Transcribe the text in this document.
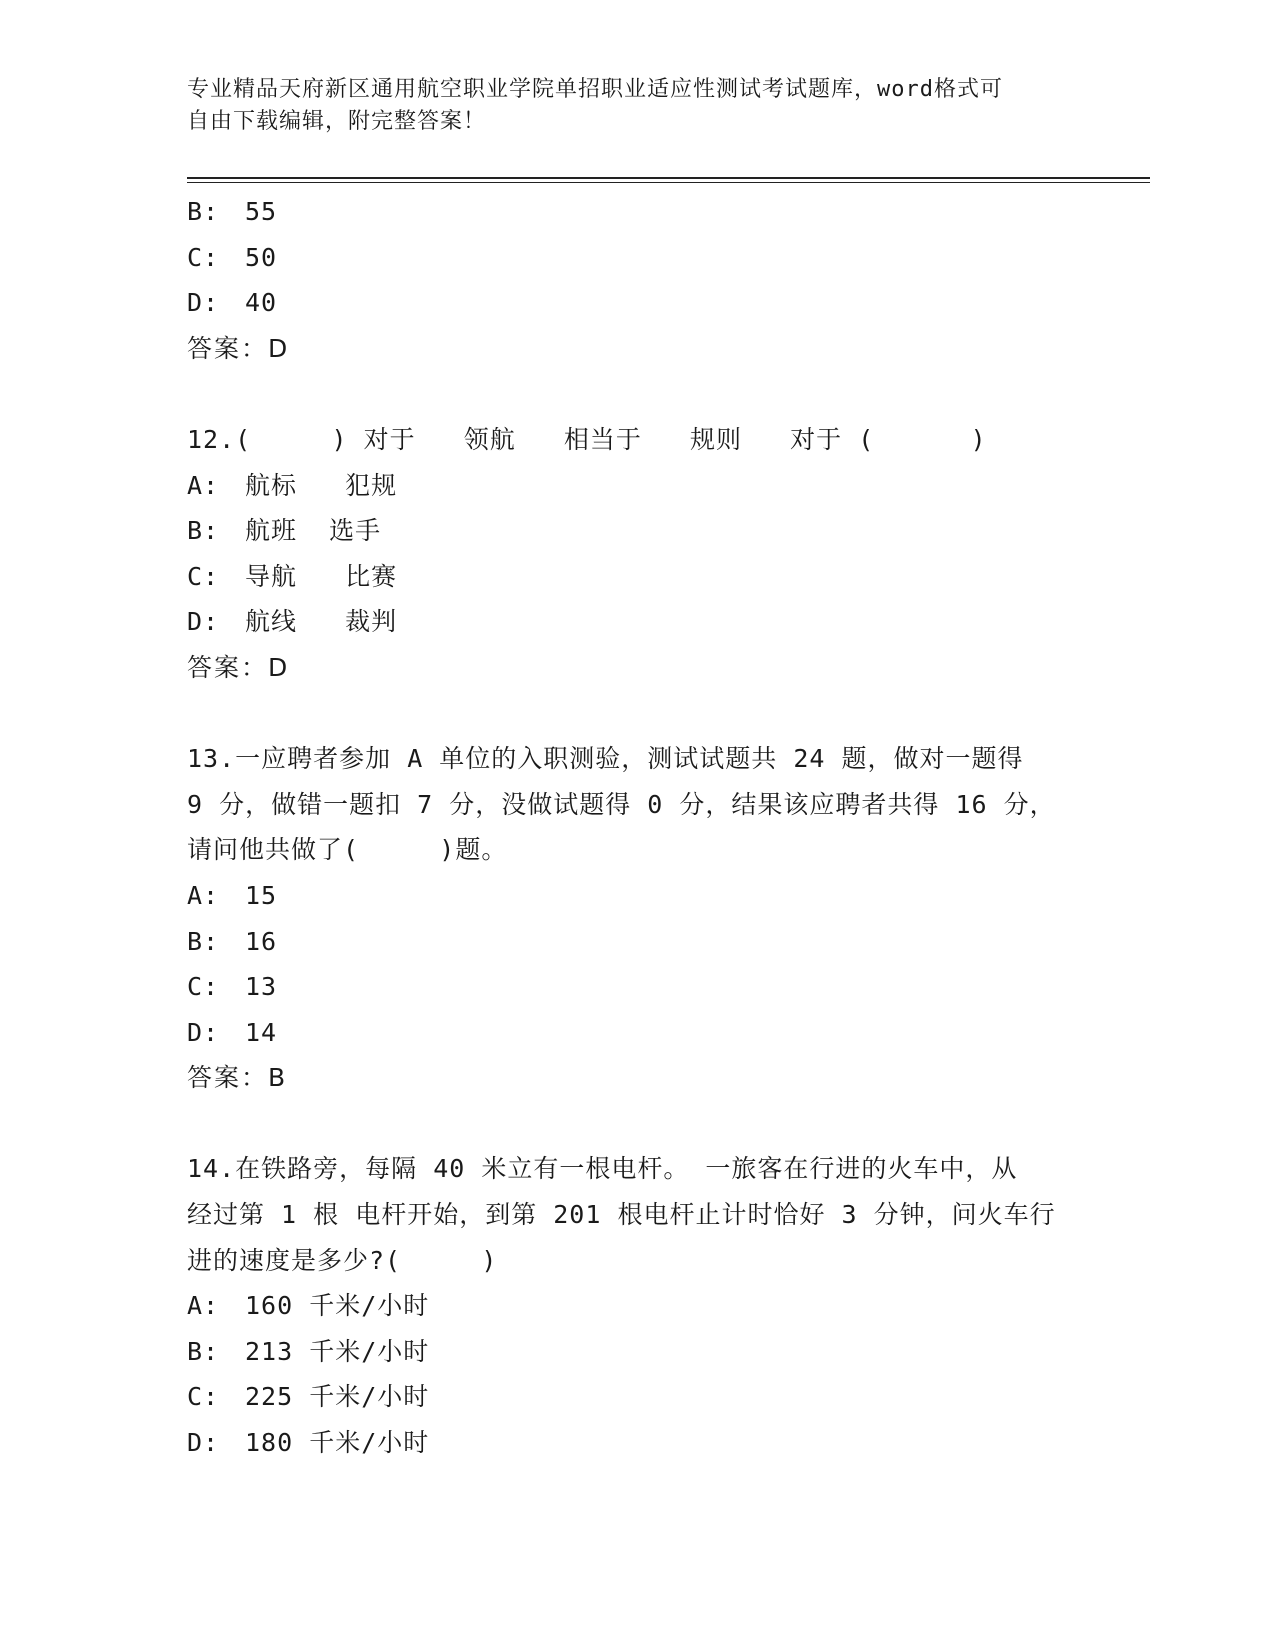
专业精品天府新区通用航空职业学院单招职业适应性测试考试题库，word格式可
自由下载编辑，附完整答案！
B:	55
C:	50
D:	40
答案：D
12.(     ) 对于   领航   相当于   规则   对于 (      )
A:	航标   犯规
B:	航班  选手
C:	导航   比赛
D:	航线   裁判
答案：D
13.一应聘者参加 A 单位的入职测验，测试试题共 24 题，做对一题得
9 分，做错一题扣 7 分，没做试题得 0 分，结果该应聘者共得 16 分，
请问他共做了(     )题。
A:	15
B:	16
C:	13
D:	14
答案：B
14.在铁路旁，每隔 40 米立有一根电杆。 一旅客在行进的火车中，从
经过第 1 根 电杆开始，到第 201 根电杆止计时恰好 3 分钟，问火车行
进的速度是多少?(     )
A:	160 千米/小时
B:	213 千米/小时
C:	225 千米/小时
D:	180 千米/小时
